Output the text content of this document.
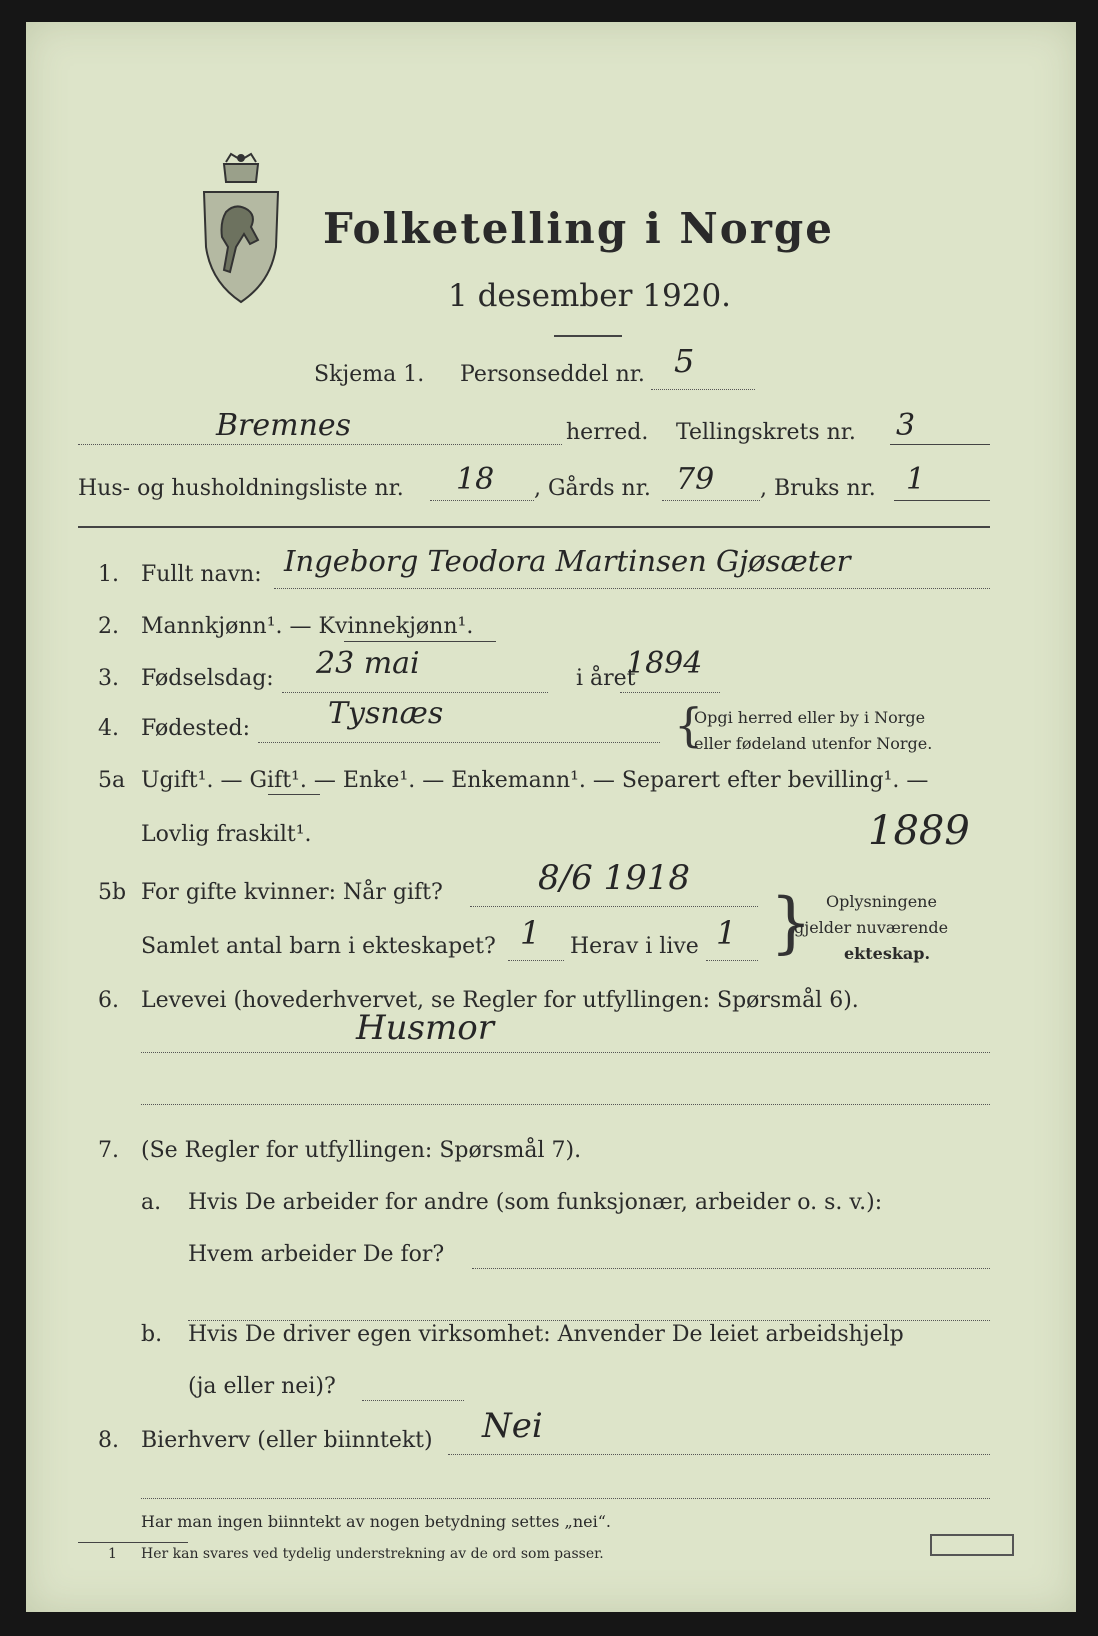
Folketelling i Norge
1 desember 1920.
Skjema 1. Personseddel nr. 5
Bremnes	herred. Tellingskrets nr. 3
Hus- og husholdningsliste nr. 18 , Gårds nr. 79 , Bruks nr. 1
1. Fullt navn: Ingeborg Teodora Martinsen Gjøsæter
2. Mannkjønn¹. — Kvinnekjønn¹.
3. Fødselsdag: 23 mai	i året
1894
4. Fødested:	Tysnæs	{
Opgi herred eller by i Norge
eller fødeland utenfor Norge.
5a Ugift¹. — Gift¹. — Enke¹. — Enkemann¹. — Separert efter bevilling¹. —
Lovlig fraskilt¹.	1889
5b For gifte kvinner: Når gift?	8/6 1918
Samlet antal barn i ekteskapet? 1 Herav i live 1 } Oplysningene
gjelder nuværende
ekteskap.
6. Levevei (hovederhvervet, se Regler for utfyllingen: Spørsmål 6).
Husmor
7. (Se Regler for utfyllingen: Spørsmål 7).
a. Hvis De arbeider for andre (som funksjonær, arbeider o. s. v.):
Hvem arbeider De for?
b. Hvis De driver egen virksomhet: Anvender De leiet arbeidshjelp
(ja eller nei)?
8. Bierhverv (eller biinntekt) Nei
Har man ingen biinntekt av nogen betydning settes „nei“.
1 Her kan svares ved tydelig understrekning av de ord som passer.
